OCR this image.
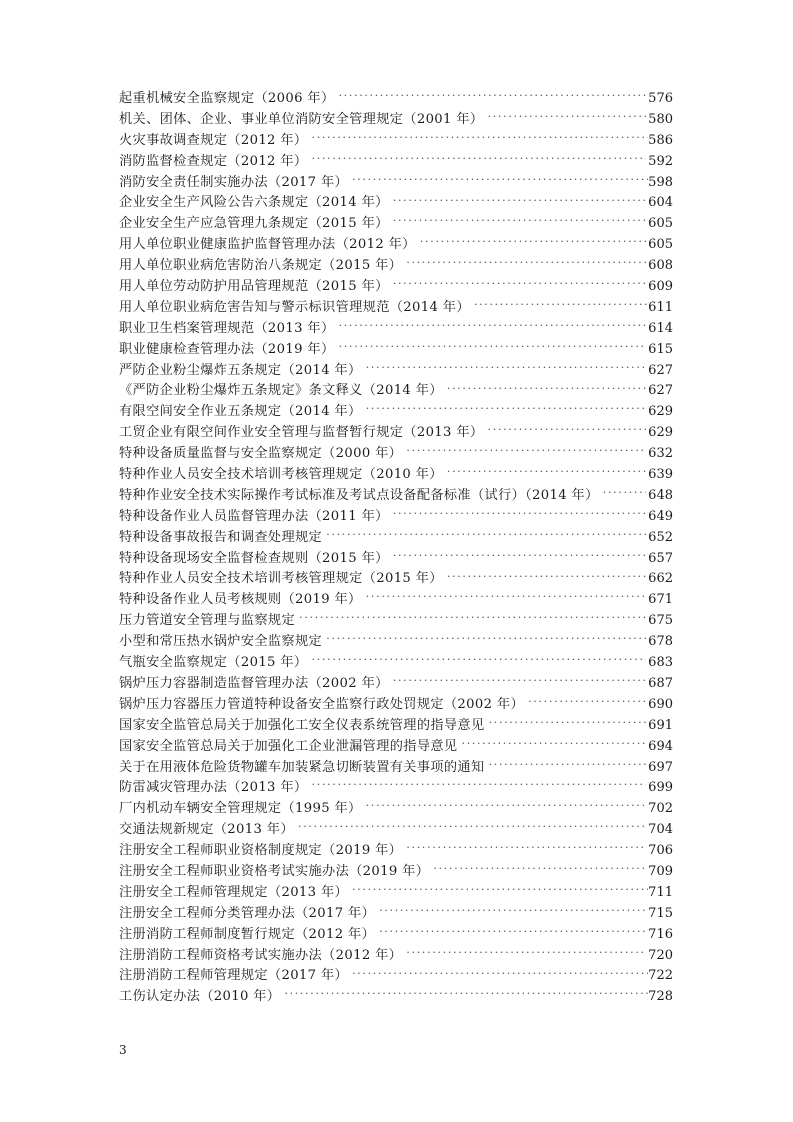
起重机械安全监察规定（2006 年） .....	576
机关、团体、企业、事业单位消防安全管理规定（2001 年） .....	580
火灾事故调查规定（2012 年） .....	586
消防监督检查规定（2012 年） .....	592
消防安全责任制实施办法（2017 年） .....	598
企业安全生产风险公告六条规定（2014 年） .....	604
企业安全生产应急管理九条规定（2015 年） .....	605
用人单位职业健康监护监督管理办法（2012 年） .....	605
用人单位职业病危害防治八条规定（2015 年） .....	608
用人单位劳动防护用品管理规范（2015 年） .....	609
用人单位职业病危害告知与警示标识管理规范（2014 年） .....	611
职业卫生档案管理规范（2013 年） .....	614
职业健康检查管理办法（2019 年） .....	615
严防企业粉尘爆炸五条规定（2014 年） .....	627
《严防企业粉尘爆炸五条规定》条文释义（2014 年） .....	627
有限空间安全作业五条规定（2014 年） .....	629
工贸企业有限空间作业安全管理与监督暂行规定（2013 年） .....	629
特种设备质量监督与安全监察规定（2000 年） .....	632
特种作业人员安全技术培训考核管理规定（2010 年） .....	639
特种作业安全技术实际操作考试标准及考试点设备配备标准（试行）（2014 年） .....	648
特种设备作业人员监督管理办法（2011 年） .....	649
特种设备事故报告和调查处理规定 .....	652
特种设备现场安全监督检查规则（2015 年） .....	657
特种作业人员安全技术培训考核管理规定（2015 年） .....	662
特种设备作业人员考核规则（2019 年） .....	671
压力管道安全管理与监察规定 .....	675
小型和常压热水锅炉安全监察规定 .....	678
气瓶安全监察规定（2015 年） .....	683
锅炉压力容器制造监督管理办法（2002 年） .....	687
锅炉压力容器压力管道特种设备安全监察行政处罚规定（2002 年） .....	690
国家安全监管总局关于加强化工安全仪表系统管理的指导意见 .....	691
国家安全监管总局关于加强化工企业泄漏管理的指导意见 .....	694
关于在用液体危险货物罐车加装紧急切断装置有关事项的通知 .....	697
防雷减灾管理办法（2013 年） .....	699
厂内机动车辆安全管理规定（1995 年） .....	702
交通法规新规定（2013 年） .....	704
注册安全工程师职业资格制度规定（2019 年） .....	706
注册安全工程师职业资格考试实施办法（2019 年） .....	709
注册安全工程师管理规定（2013 年） .....	711
注册安全工程师分类管理办法（2017 年） .....	715
注册消防工程师制度暂行规定（2012 年） .....	716
注册消防工程师资格考试实施办法（2012 年） .....	720
注册消防工程师管理规定（2017 年） .....	722
工伤认定办法（2010 年） .....	728
3
